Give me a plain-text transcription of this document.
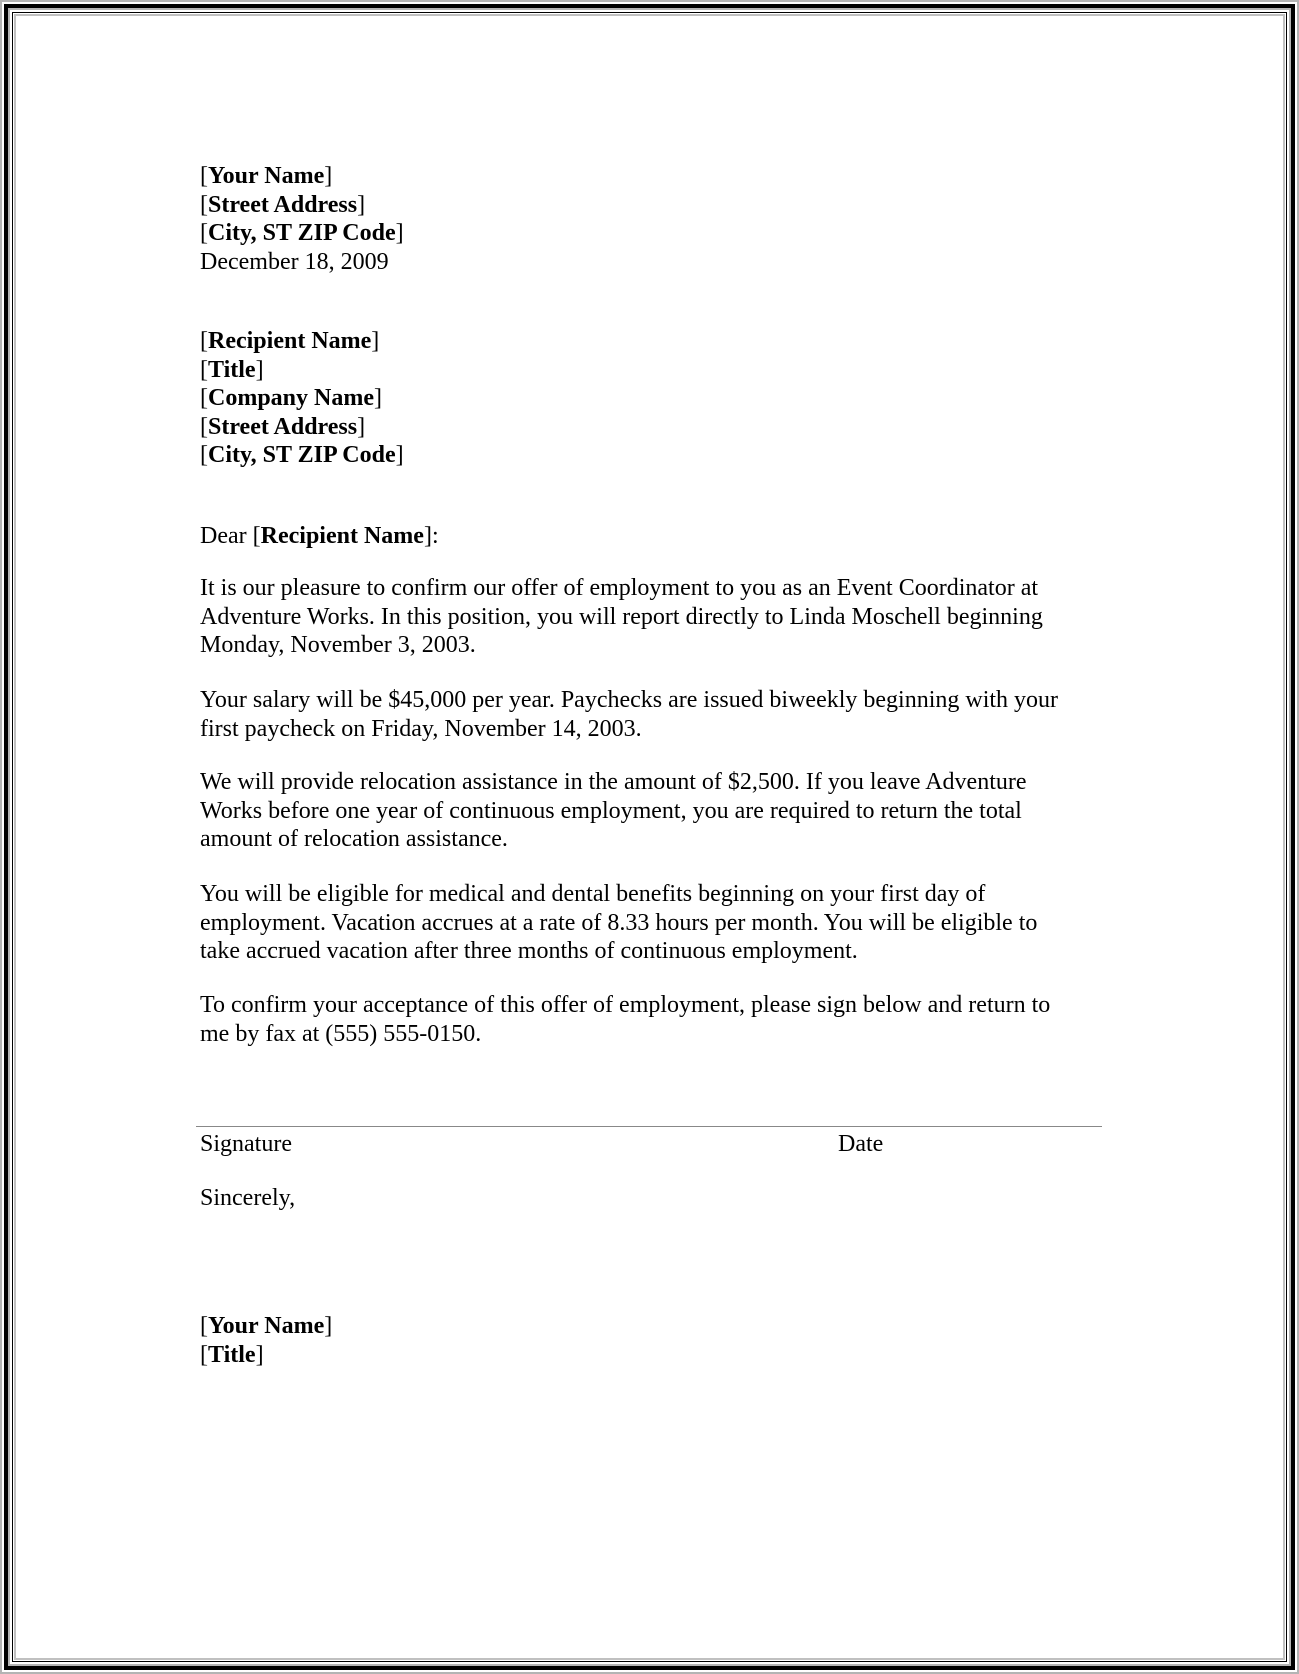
[ Your Name ]
[ Street Address ]
[ City, ST ZIP Code ]
December 18, 2009
[ Recipient Name ]
[ Title ]
[ Company Name ]
[ Street Address ]
[ City, ST ZIP Code ]
Dear [ Recipient Name ] :
It is our pleasure to confirm our offer of employment to you as an Event Coordinator at
Adventure Works. In this position, you will report directly to Linda Moschell beginning
Monday, November 3, 2003.
Your salary will be $45,000 per year. Paychecks are issued biweekly beginning with your
first paycheck on Friday, November 14, 2003.
We will provide relocation assistance in the amount of $2,500. If you leave Adventure
Works before one year of continuous employment, you are required to return the total
amount of relocation assistance.
You will be eligible for medical and dental benefits beginning on your first day of
employment. Vacation accrues at a rate of 8.33 hours per month. You will be eligible to
take accrued vacation after three months of continuous employment.
To confirm your acceptance of this offer of employment, please sign below and return to
me by fax at (555) 555-0150.
Signature	Date
Sincerely,
[ Your Name ]
[ Title ]
